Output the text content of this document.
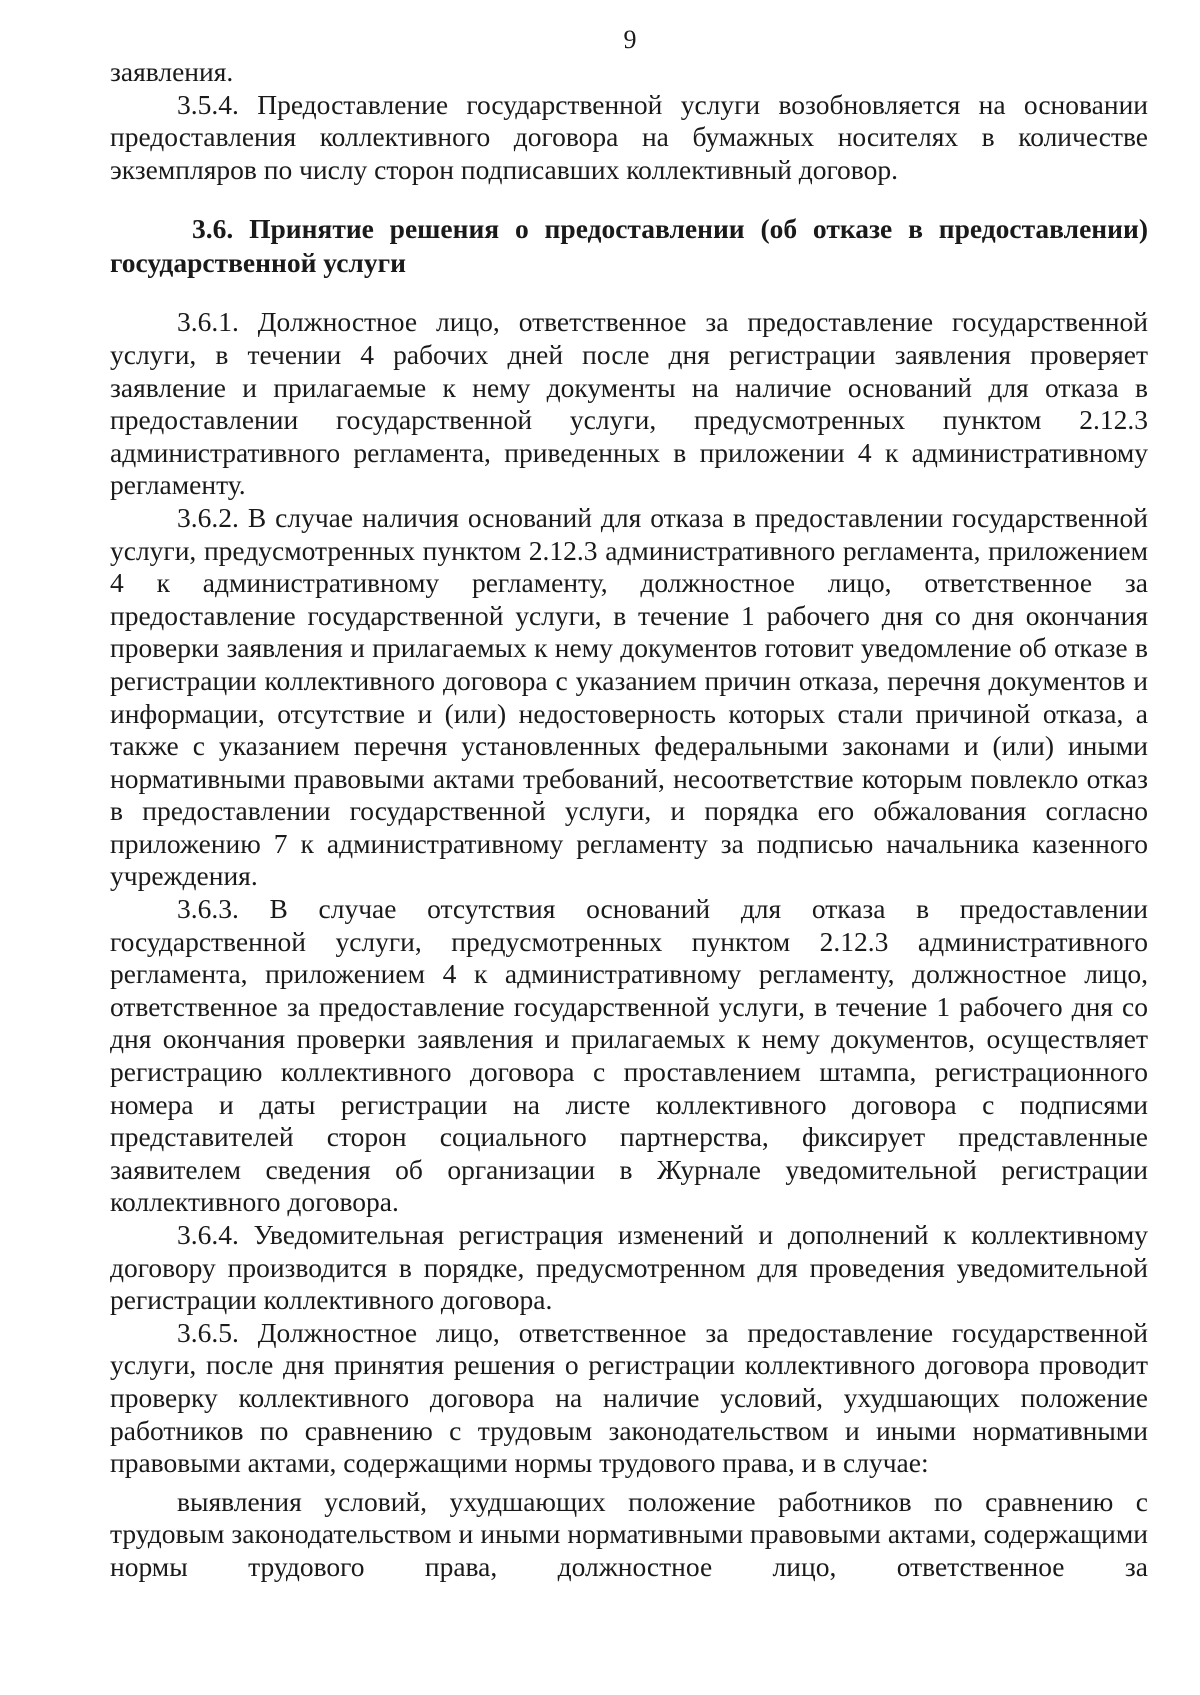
9

заявления.

3.5.4. Предоставление государственной услуги возобновляется на основании предоставления коллективного договора на бумажных носителях в количестве экземпляров по числу сторон подписавших коллективный договор.

3.6. Принятие решения о предоставлении (об отказе в предоставлении) государственной услуги

3.6.1. Должностное лицо, ответственное за предоставление государственной услуги, в течении 4 рабочих дней после дня регистрации заявления проверяет заявление и прилагаемые к нему документы на наличие оснований для отказа в предоставлении государственной услуги, предусмотренных пунктом 2.12.3 административного регламента, приведенных в приложении 4 к административному регламенту.

3.6.2. В случае наличия оснований для отказа в предоставлении государственной услуги, предусмотренных пунктом 2.12.3 административного регламента, приложением 4 к административному регламенту, должностное лицо, ответственное за предоставление государственной услуги, в течение 1 рабочего дня со дня окончания проверки заявления и прилагаемых к нему документов готовит уведомление об отказе в регистрации коллективного договора с указанием причин отказа, перечня документов и информации, отсутствие и (или) недостоверность которых стали причиной отказа, а также с указанием перечня установленных федеральными законами и (или) иными нормативными правовыми актами требований, несоответствие которым повлекло отказ в предоставлении государственной услуги, и порядка его обжалования согласно приложению 7 к административному регламенту за подписью начальника казенного учреждения.

3.6.3. В случае отсутствия оснований для отказа в предоставлении государственной услуги, предусмотренных пунктом 2.12.3 административного регламента, приложением 4 к административному регламенту, должностное лицо, ответственное за предоставление государственной услуги, в течение 1 рабочего дня со дня окончания проверки заявления и прилагаемых к нему документов, осуществляет регистрацию коллективного договора с проставлением штампа, регистрационного номера и даты регистрации на листе коллективного договора с подписями представителей сторон социального партнерства, фиксирует представленные заявителем сведения об организации в Журнале уведомительной регистрации коллективного договора.

3.6.4. Уведомительная регистрация изменений и дополнений к коллективному договору производится в порядке, предусмотренном для проведения уведомительной регистрации коллективного договора.

3.6.5. Должностное лицо, ответственное за предоставление государственной услуги, после дня принятия решения о регистрации коллективного договора проводит проверку коллективного договора на наличие условий, ухудшающих положение работников по сравнению с трудовым законодательством и иными нормативными правовыми актами, содержащими нормы трудового права, и в случае:

выявления условий, ухудшающих положение работников по сравнению с трудовым законодательством и иными нормативными правовыми актами, содержащими нормы трудового права, должностное лицо, ответственное за
